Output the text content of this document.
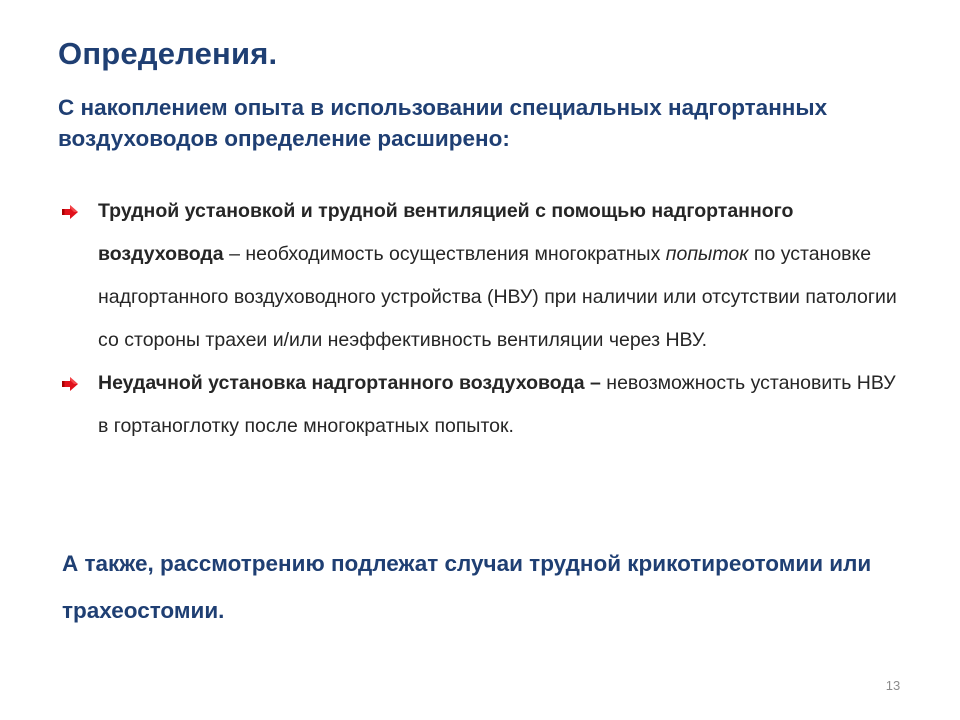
Определения.
С накоплением опыта в использовании специальных надгортанных воздуховодов определение расширено:
Трудной установкой и трудной вентиляцией с помощью надгортанного воздуховода – необходимость осуществления многократных попыток по установке надгортанного воздуховодного устройства (НВУ) при наличии или отсутствии патологии со стороны трахеи и/или неэффективность вентиляции через НВУ.
Неудачной установка надгортанного воздуховода – невозможность установить НВУ в гортаноглотку после многократных попыток.
А также, рассмотрению подлежат случаи трудной крикотиреотомии или трахеостомии.
13
